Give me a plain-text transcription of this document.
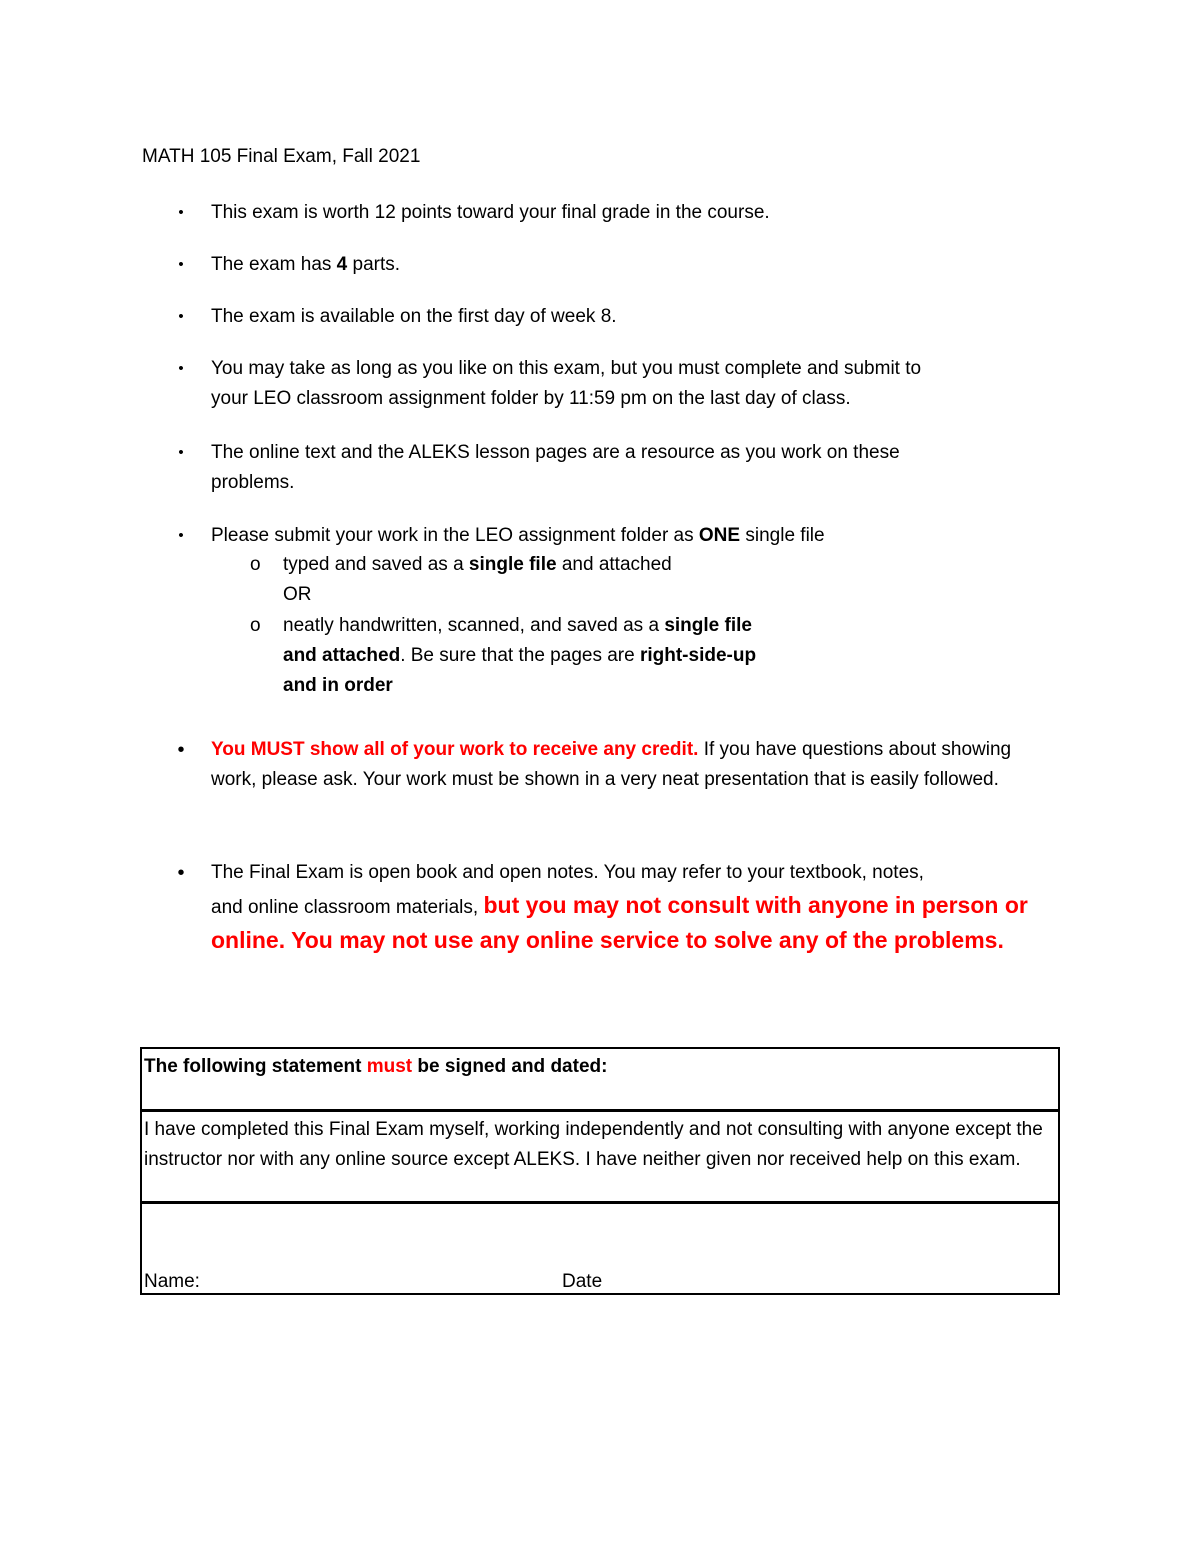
MATH 105 Final Exam, Fall 2021
•	This exam is worth 12 points toward your final grade in the course.
•	The exam has 4 parts.
•	The exam is available on the first day of week 8.
•	You may take as long as you like on this exam, but you must complete and submit to
your LEO classroom assignment folder by 11:59 pm on the last day of class.
•	The online text and the ALEKS lesson pages are a resource as you work on these
problems.
•	Please submit your work in the LEO assignment folder as ONE single file
o typed and saved as a single file and attached
OR
o neatly handwritten, scanned, and saved as a single file and attached. Be sure that the pages are right-side-up and in order
•	You MUST show all of your work to receive any credit. If you have questions about showing work, please ask. Your work must be shown in a very neat presentation that is easily followed.
•	The Final Exam is open book and open notes. You may refer to your textbook, notes,
and online classroom materials, but you may not consult with anyone in person or online. You may not use any online service to solve any of the problems.
The following statement must be signed and dated:
I have completed this Final Exam myself, working independently and not consulting with anyone except the instructor nor with any online source except ALEKS. I have neither given nor received help on this exam.
Name:	Date
